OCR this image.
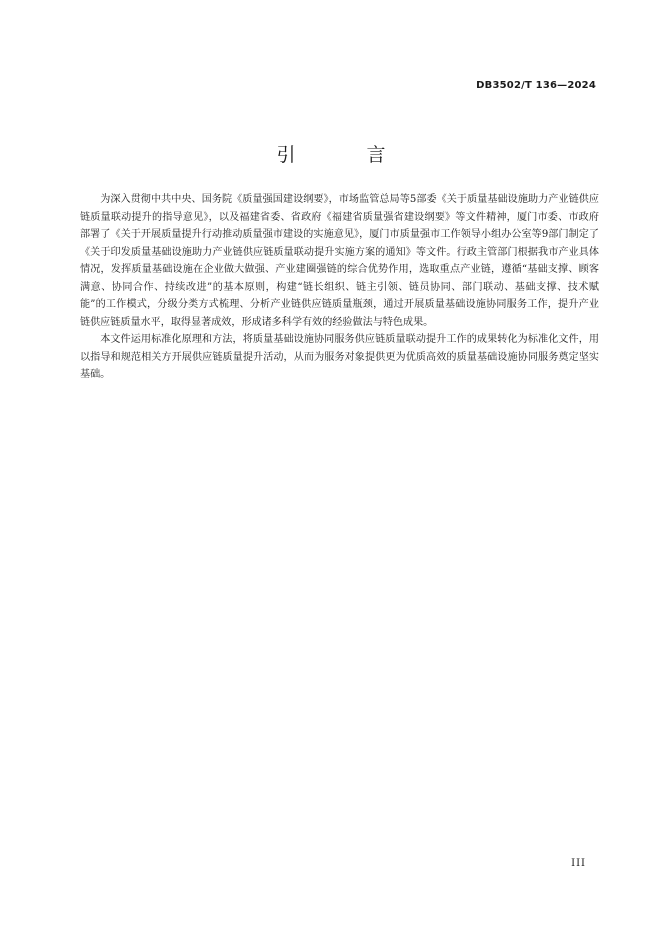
DB3502/T 136—2024
引　言

为深入贯彻中共中央、国务院《质量强国建设纲要》，市场监管总局等5部委《关于质量基础设施助力产业链供应链质量联动提升的指导意见》，以及福建省委、省政府《福建省质量强省建设纲要》等文件精神，厦门市委、市政府部署了《关于开展质量提升行动推动质量强市建设的实施意见》，厦门市质量强市工作领导小组办公室等9部门制定了《关于印发质量基础设施助力产业链供应链质量联动提升实施方案的通知》等文件。行政主管部门根据我市产业具体情况，发挥质量基础设施在企业做大做强、产业建圈强链的综合优势作用，选取重点产业链，遵循“基础支撑、顾客满意、协同合作、持续改进”的基本原则，构建“链长组织、链主引领、链员协同、部门联动、基础支撑、技术赋能”的工作模式，分级分类方式梳理、分析产业链供应链质量瓶颈，通过开展质量基础设施协同服务工作，提升产业链供应链质量水平，取得显著成效，形成诸多科学有效的经验做法与特色成果。

本文件运用标准化原理和方法，将质量基础设施协同服务供应链质量联动提升工作的成果转化为标准化文件，用以指导和规范相关方开展供应链质量提升活动，从而为服务对象提供更为优质高效的质量基础设施协同服务奠定坚实基础。

III
